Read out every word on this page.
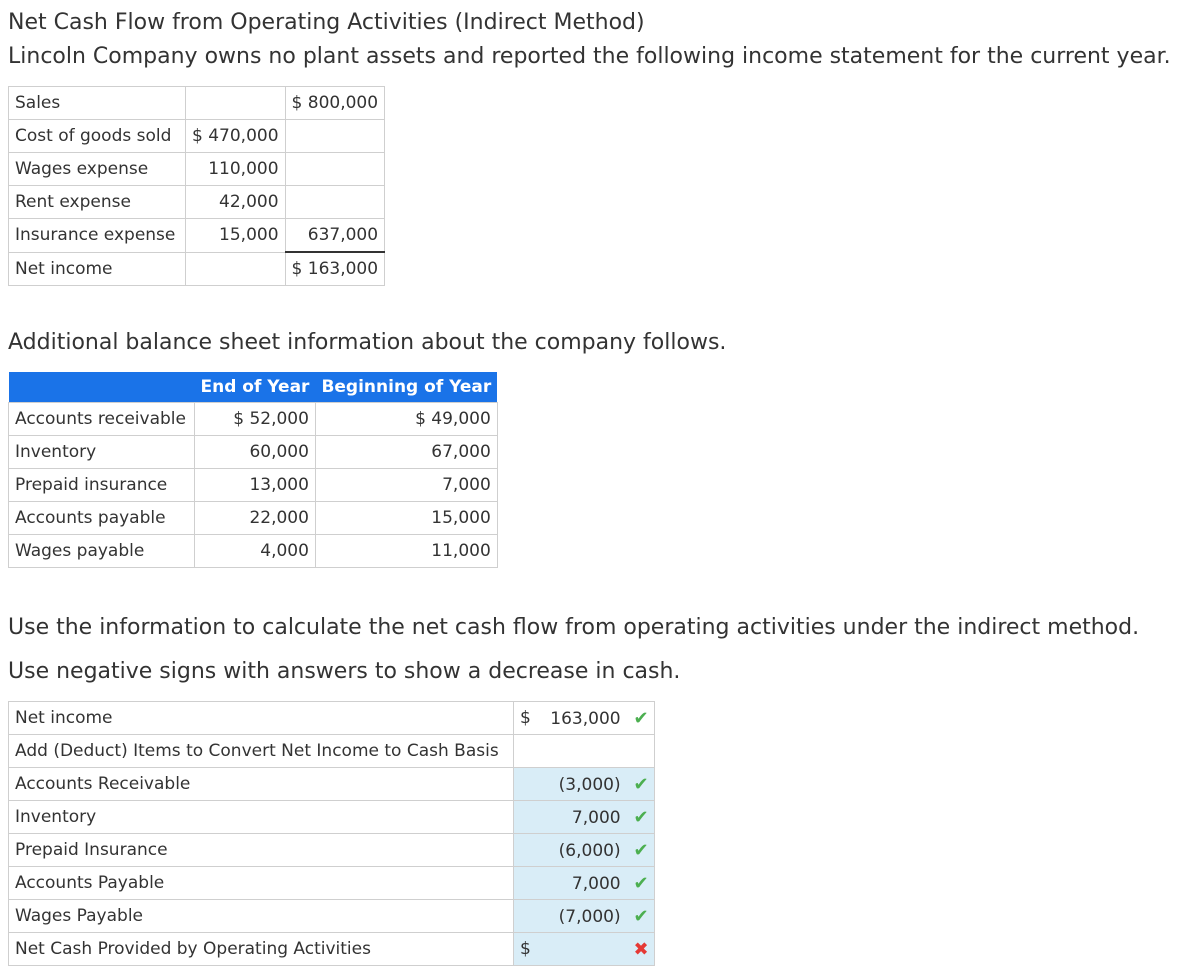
Net Cash Flow from Operating Activities (Indirect Method)
Lincoln Company owns no plant assets and reported the following income statement for the current year.
Sales		$ 800,000
Cost of goods sold	$ 470,000	
Wages expense	110,000	
Rent expense	42,000	
Insurance expense	15,000	637,000
Net income		$ 163,000
Additional balance sheet information about the company follows.
	End of Year	Beginning of Year
Accounts receivable	$ 52,000	$ 49,000
Inventory	60,000	67,000
Prepaid insurance	13,000	7,000
Accounts payable	22,000	15,000
Wages payable	4,000	11,000
Use the information to calculate the net cash flow from operating activities under the indirect method.
Use negative signs with answers to show a decrease in cash.
Net income	$ 163,000 ✔
Add (Deduct) Items to Convert Net Income to Cash Basis	
Accounts Receivable	(3,000) ✔
Inventory	7,000 ✔
Prepaid Insurance	(6,000) ✔
Accounts Payable	7,000 ✔
Wages Payable	(7,000) ✔
Net Cash Provided by Operating Activities	$ ✖
